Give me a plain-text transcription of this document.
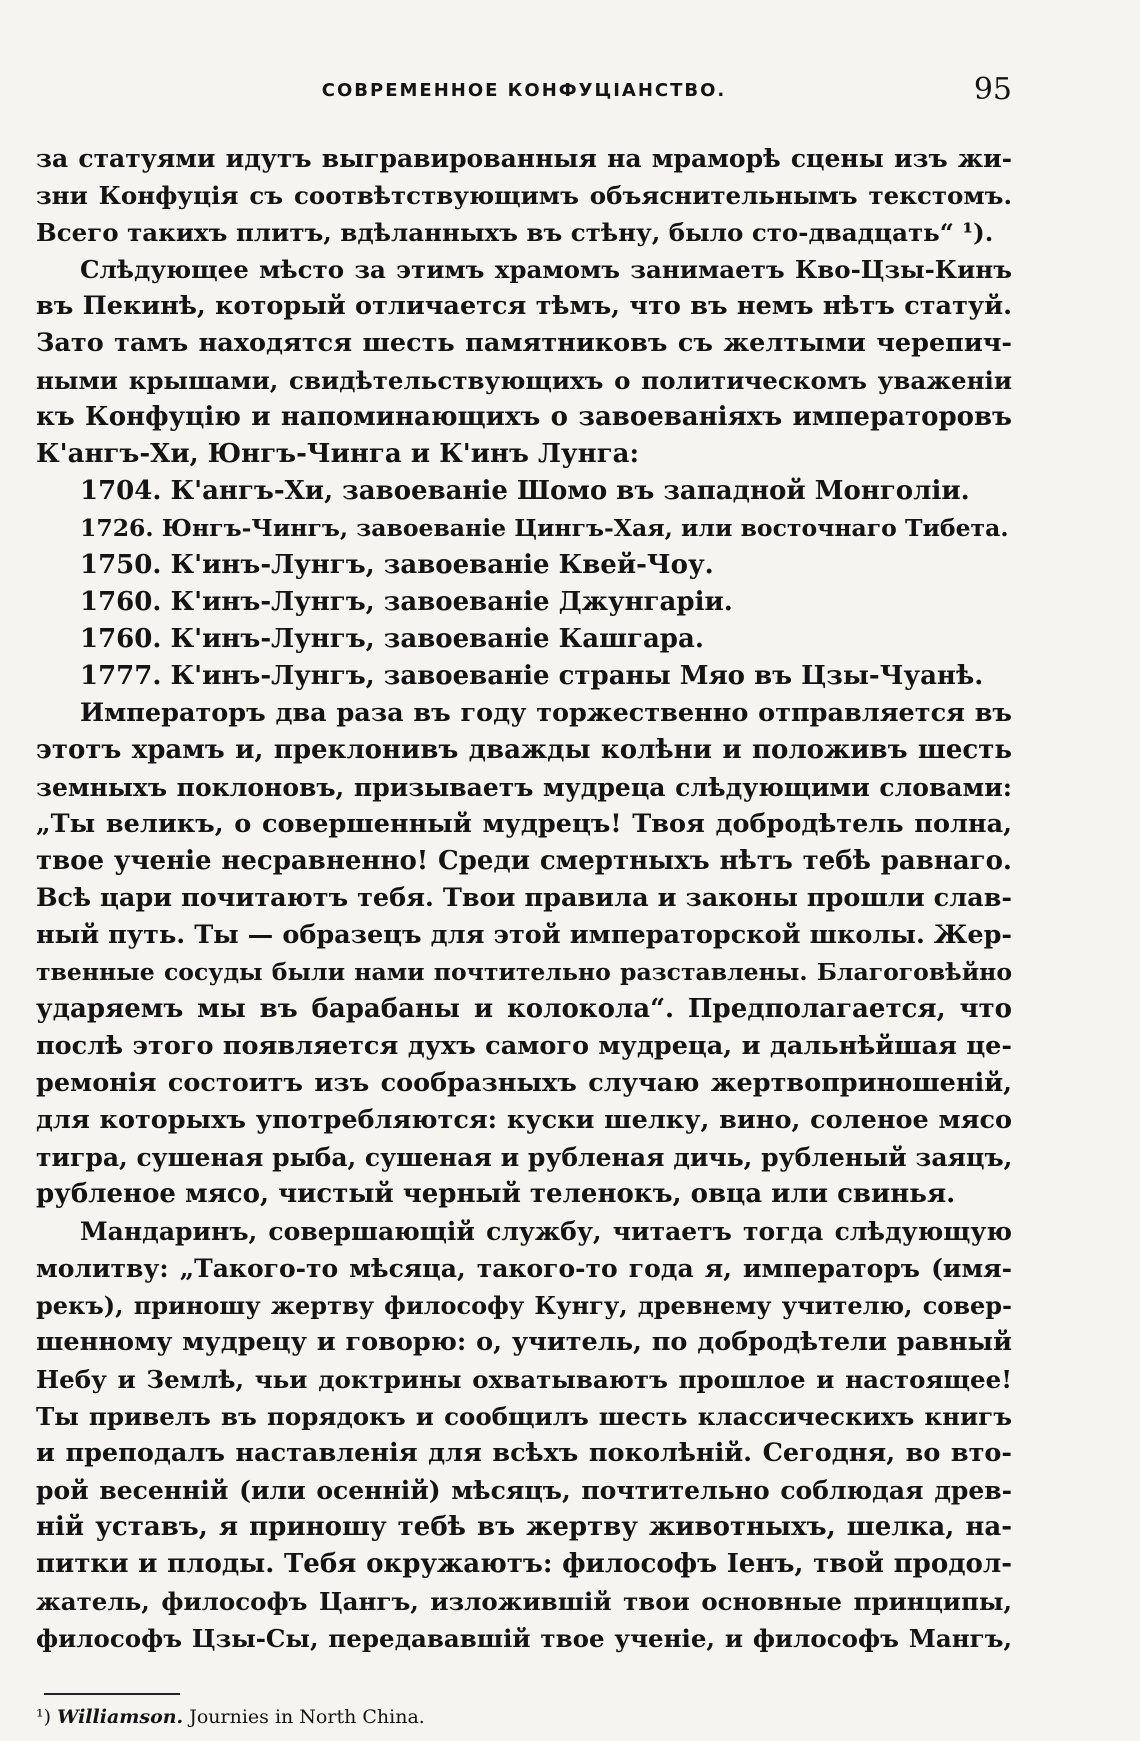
СОВРЕМЕННОЕ КОНФУЦІАНСТВО.	95
за статуями идутъ выгравированныя на мраморѣ сцены изъ жи-
зни Конфуція съ соотвѣтствующимъ объяснительнымъ текстомъ.
Всего такихъ плитъ, вдѣланныхъ въ стѣну, было сто-двадцать“ ¹).
Слѣдующее мѣсто за этимъ храмомъ занимаетъ Кво-Цзы-Кинъ
въ Пекинѣ, который отличается тѣмъ, что въ немъ нѣтъ статуй.
Зато тамъ находятся шесть памятниковъ съ желтыми черепич-
ными крышами, свидѣтельствующихъ о политическомъ уваженіи
къ Конфуцію и напоминающихъ о завоеваніяхъ императоровъ
К'ангъ-Хи, Юнгъ-Чинга и К'инъ Лунга:
1704. К'ангъ-Хи, завоеваніе Шомо въ западной Монголіи.
1726. Юнгъ-Чингъ, завоеваніе Цингъ-Хая, или восточнаго Тибета.
1750. К'инъ-Лунгъ, завоеваніе Квей-Чоу.
1760. К'инъ-Лунгъ, завоеваніе Джунгаріи.
1760. К'инъ-Лунгъ, завоеваніе Кашгара.
1777. К'инъ-Лунгъ, завоеваніе страны Мяо въ Цзы-Чуанѣ.
Императоръ два раза въ году торжественно отправляется въ
этотъ храмъ и, преклонивъ дважды колѣни и положивъ шесть
земныхъ поклоновъ, призываетъ мудреца слѣдующими словами:
„Ты великъ, о совершенный мудрецъ! Твоя добродѣтель полна,
твое ученіе несравненно! Среди смертныхъ нѣтъ тебѣ равнаго.
Всѣ цари почитаютъ тебя. Твои правила и законы прошли слав-
ный путь. Ты — образецъ для этой императорской школы. Жер-
твенные сосуды были нами почтительно разставлены. Благоговѣйно
ударяемъ мы въ барабаны и колокола“. Предполагается, что
послѣ этого появляется духъ самого мудреца, и дальнѣйшая це-
ремонія состоитъ изъ сообразныхъ случаю жертвоприношеній,
для которыхъ употребляются: куски шелку, вино, соленое мясо
тигра, сушеная рыба, сушеная и рубленая дичь, рубленый заяцъ,
рубленое мясо, чистый черный теленокъ, овца или свинья.
Мандаринъ, совершающій службу, читаетъ тогда слѣдующую
молитву: „Такого-то мѣсяца, такого-то года я, императоръ (имя-
рекъ), приношу жертву философу Кунгу, древнему учителю, совер-
шенному мудрецу и говорю: о, учитель, по добродѣтели равный
Небу и Землѣ, чьи доктрины охватываютъ прошлое и настоящее!
Ты привелъ въ порядокъ и сообщилъ шесть классическихъ книгъ
и преподалъ наставленія для всѣхъ поколѣній. Сегодня, во вто-
рой весенній (или осенній) мѣсяцъ, почтительно соблюдая древ-
ній уставъ, я приношу тебѣ въ жертву животныхъ, шелка, на-
питки и плоды. Тебя окружаютъ: философъ Іенъ, твой продол-
жатель, философъ Цангъ, изложившій твои основные принципы,
философъ Цзы-Сы, передававшій твое ученіе, и философъ Мангъ,
¹) Williamson. Journies in North China.
